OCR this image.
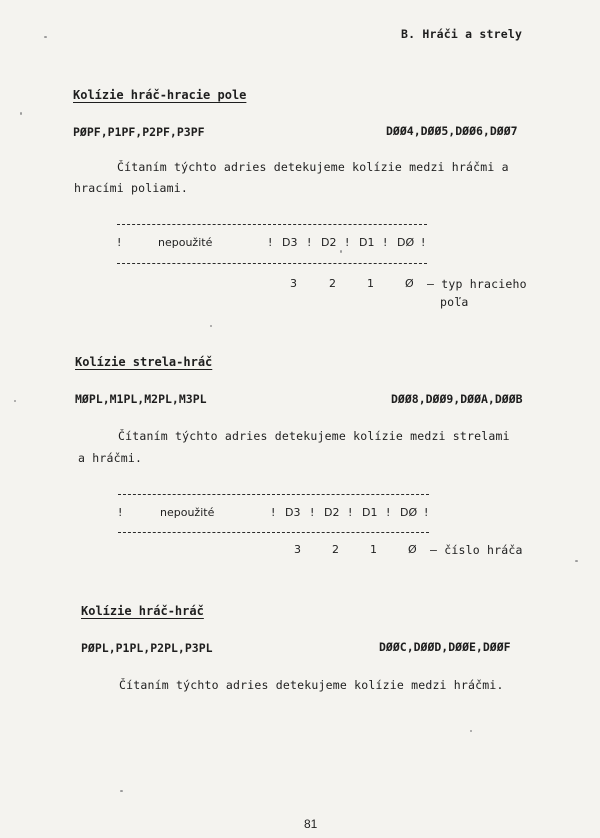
B. Hráči a strely
Kolízie hráč-hracie pole
PØPF,P1PF,P2PF,P3PF	DØØ4,DØØ5,DØØ6,DØØ7
Čítaním týchto adries detekujeme kolízie medzi hráčmi a
hracími poliami.
!	nepoužité	! D3 ! D2 ! D1 ! DØ !
3	2	1	Ø – typ hracieho
poľa
Kolízie strela-hráč
MØPL,M1PL,M2PL,M3PL	DØØ8,DØØ9,DØØA,DØØB
Čítaním týchto adries detekujeme kolízie medzi strelami
a hráčmi.
!	nepoužité	! D3 ! D2 ! D1 ! DØ !
3	2	1	Ø – číslo hráča
Kolízie hráč-hráč
PØPL,P1PL,P2PL,P3PL	DØØC,DØØD,DØØE,DØØF
Čítaním týchto adries detekujeme kolízie medzi hráčmi.
81
